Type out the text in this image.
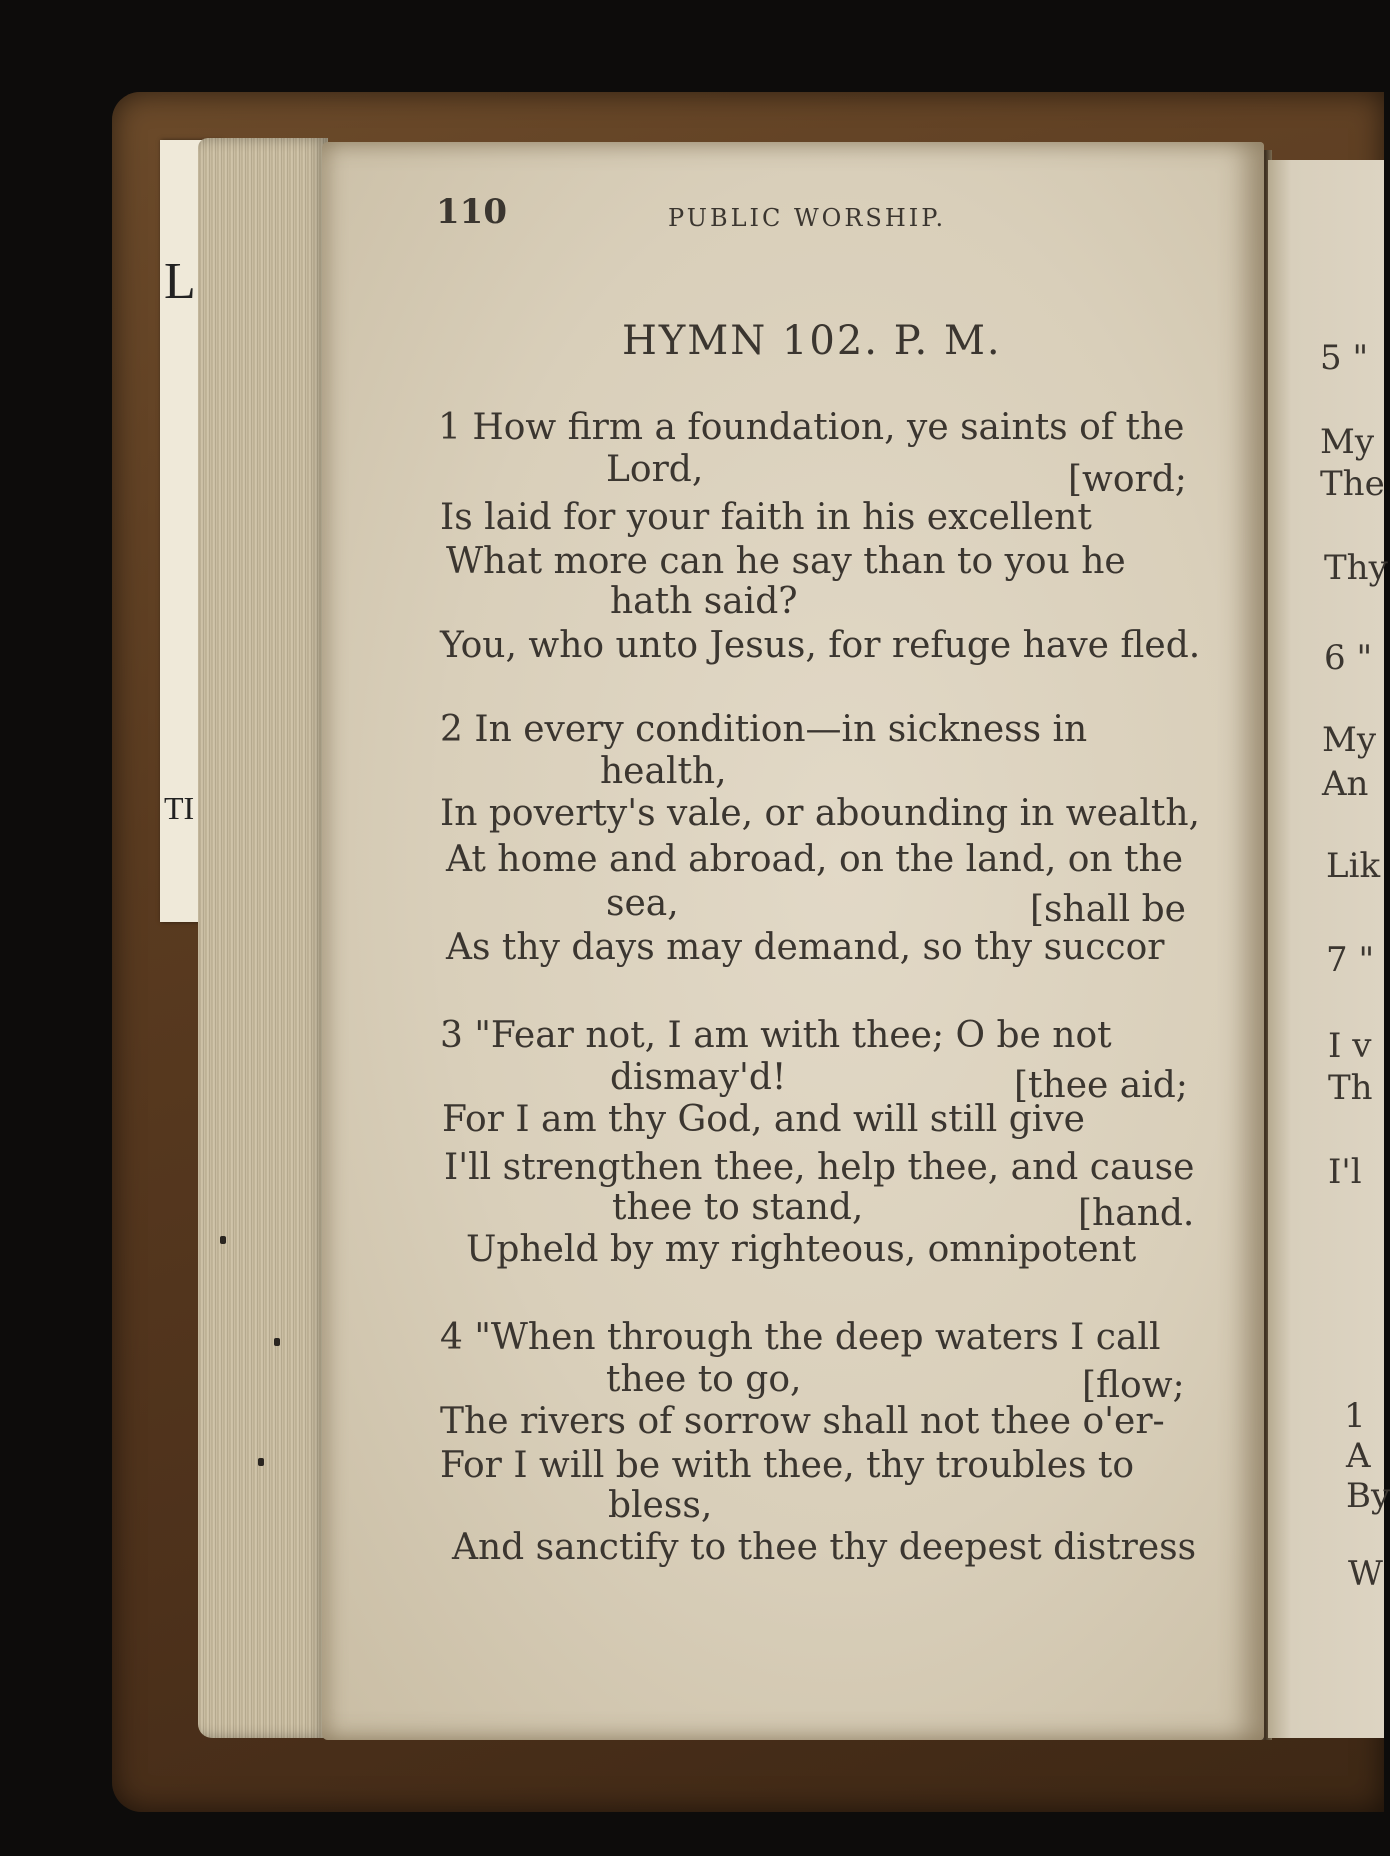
L
TI
110	PUBLIC WORSHIP.
HYMN 102. P. M.
1 How firm a foundation, ye saints of the
Lord,	[word;
Is laid for your faith in his excellent
What more can he say than to you he
hath said?
You, who unto Jesus, for refuge have fled.
2 In every condition—in sickness in
health,
In poverty's vale, or abounding in wealth,
At home and abroad, on the land, on the
sea,	[shall be
As thy days may demand, so thy succor
3 "Fear not, I am with thee; O be not
dismay'd!	[thee aid;
For I am thy God, and will still give
I'll strengthen thee, help thee, and cause
thee to stand,	[hand.
Upheld by my righteous, omnipotent
4 "When through the deep waters I call
thee to go,	[flow;
The rivers of sorrow shall not thee o'er-
For I will be with thee, thy troubles to
bless,
And sanctify to thee thy deepest distress
5 "
My
The
Thy
6 "
My
An
Lik
7 "
I v
Th
I'l
1
A
By
W
